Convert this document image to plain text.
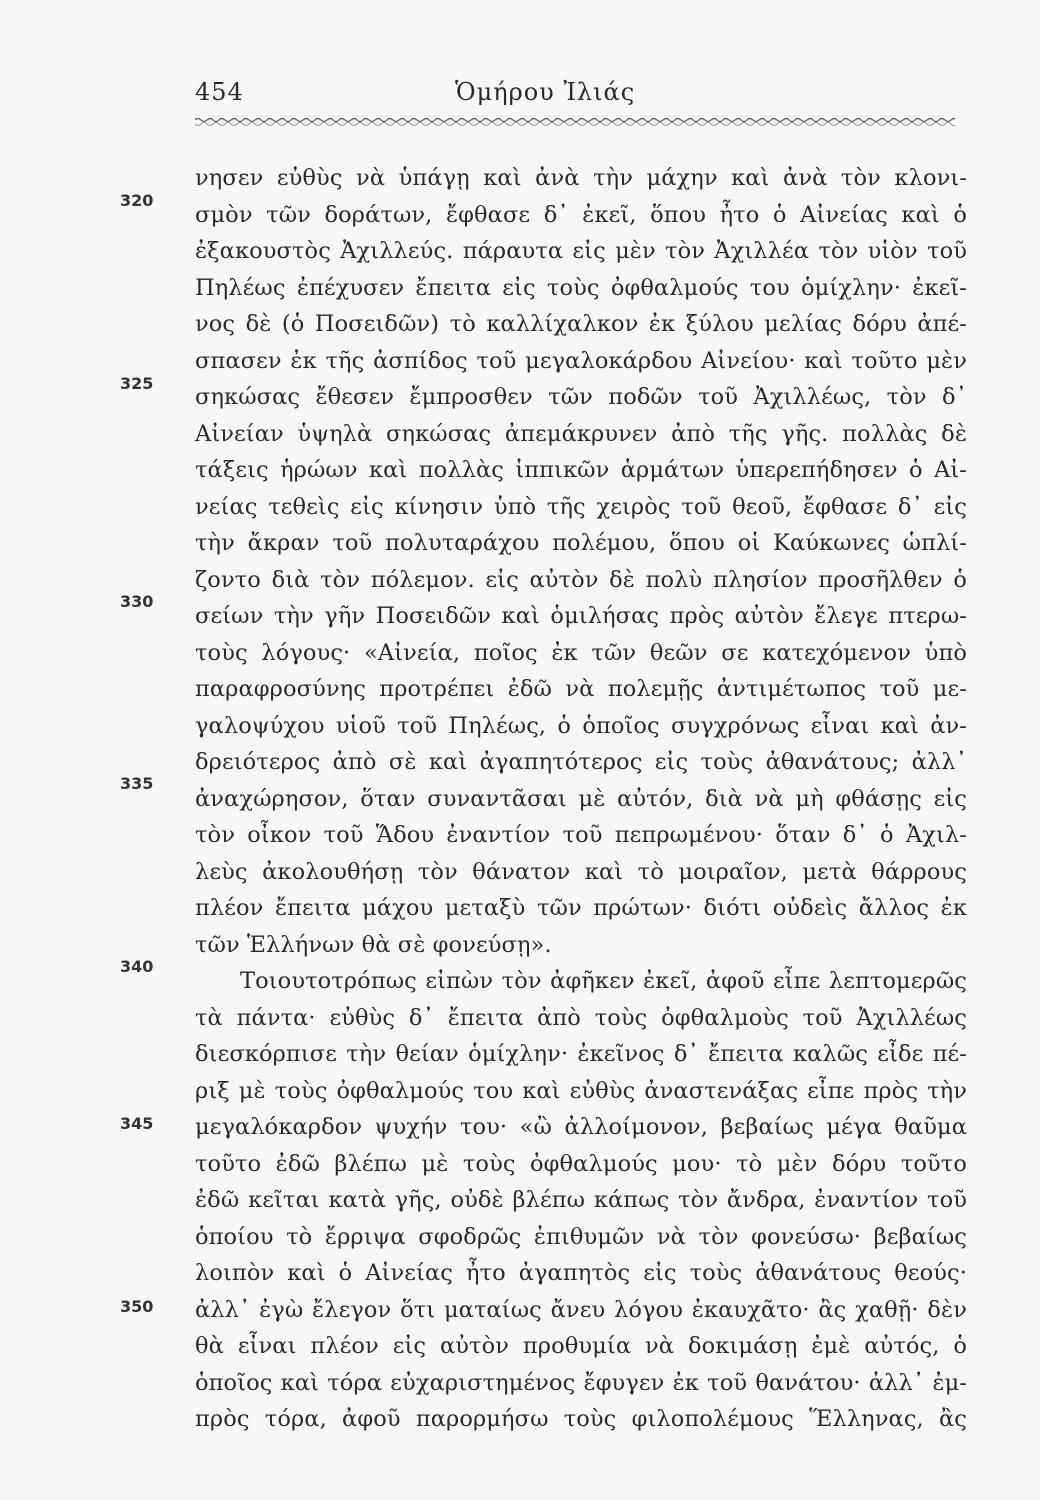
454	Ὁμήρου Ἰλιάς
320
325
330
335
340
345
350
νησεν εὐθὺς νὰ ὑπάγῃ καὶ ἀνὰ τὴν μάχην καὶ ἀνὰ τὸν κλονι-
σμὸν τῶν δοράτων, ἔφθασε δ᾽ ἐκεῖ, ὅπου ἦτο ὁ Αἰνείας καὶ ὁ
ἐξακουστὸς Ἀχιλλεύς. πάραυτα εἰς μὲν τὸν Ἀχιλλέα τὸν υἱὸν τοῦ
Πηλέως ἐπέχυσεν ἔπειτα εἰς τοὺς ὀφθαλμούς του ὁμίχλην· ἐκεῖ-
νος δὲ (ὁ Ποσειδῶν) τὸ καλλίχαλκον ἐκ ξύλου μελίας δόρυ ἀπέ-
σπασεν ἐκ τῆς ἀσπίδος τοῦ μεγαλοκάρδου Αἰνείου· καὶ τοῦτο μὲν
σηκώσας ἔθεσεν ἔμπροσθεν τῶν ποδῶν τοῦ Ἀχιλλέως, τὸν δ᾽
Αἰνείαν ὑψηλὰ σηκώσας ἀπεμάκρυνεν ἀπὸ τῆς γῆς. πολλὰς δὲ
τάξεις ἡρώων καὶ πολλὰς ἱππικῶν ἁρμάτων ὑπερεπήδησεν ὁ Αἰ-
νείας τεθεὶς εἰς κίνησιν ὑπὸ τῆς χειρὸς τοῦ θεοῦ, ἔφθασε δ᾽ εἰς
τὴν ἄκραν τοῦ πολυταράχου πολέμου, ὅπου οἱ Καύκωνες ὡπλί-
ζοντο διὰ τὸν πόλεμον. εἰς αὐτὸν δὲ πολὺ πλησίον προσῆλθεν ὁ
σείων τὴν γῆν Ποσειδῶν καὶ ὁμιλήσας πρὸς αὐτὸν ἔλεγε πτερω-
τοὺς λόγους· «Αἰνεία, ποῖος ἐκ τῶν θεῶν σε κατεχόμενον ὑπὸ
παραφροσύνης προτρέπει ἐδῶ νὰ πολεμῇς ἀντιμέτωπος τοῦ με-
γαλοψύχου υἱοῦ τοῦ Πηλέως, ὁ ὁποῖος συγχρόνως εἶναι καὶ ἀν-
δρειότερος ἀπὸ σὲ καὶ ἀγαπητότερος εἰς τοὺς ἀθανάτους; ἀλλ᾽
ἀναχώρησον, ὅταν συναντᾶσαι μὲ αὐτόν, διὰ νὰ μὴ φθάσῃς εἰς
τὸν οἶκον τοῦ Ἅδου ἐναντίον τοῦ πεπρωμένου· ὅταν δ᾽ ὁ Ἀχιλ-
λεὺς ἀκολουθήσῃ τὸν θάνατον καὶ τὸ μοιραῖον, μετὰ θάρρους
πλέον ἔπειτα μάχου μεταξὺ τῶν πρώτων· διότι οὐδεὶς ἄλλος ἐκ
τῶν Ἑλλήνων θὰ σὲ φονεύσῃ».
Τοιουτοτρόπως εἰπὼν τὸν ἀφῆκεν ἐκεῖ, ἀφοῦ εἶπε λεπτομερῶς
τὰ πάντα· εὐθὺς δ᾽ ἔπειτα ἀπὸ τοὺς ὀφθαλμοὺς τοῦ Ἀχιλλέως
διεσκόρπισε τὴν θείαν ὁμίχλην· ἐκεῖνος δ᾽ ἔπειτα καλῶς εἶδε πέ-
ριξ μὲ τοὺς ὀφθαλμούς του καὶ εὐθὺς ἀναστενάξας εἶπε πρὸς τὴν
μεγαλόκαρδον ψυχήν του· «ὢ ἀλλοίμονον, βεβαίως μέγα θαῦμα
τοῦτο ἐδῶ βλέπω μὲ τοὺς ὀφθαλμούς μου· τὸ μὲν δόρυ τοῦτο
ἐδῶ κεῖται κατὰ γῆς, οὐδὲ βλέπω κάπως τὸν ἄνδρα, ἐναντίον τοῦ
ὁποίου τὸ ἔρριψα σφοδρῶς ἐπιθυμῶν νὰ τὸν φονεύσω· βεβαίως
λοιπὸν καὶ ὁ Αἰνείας ἦτο ἀγαπητὸς εἰς τοὺς ἀθανάτους θεούς·
ἀλλ᾽ ἐγὼ ἔλεγον ὅτι ματαίως ἄνευ λόγου ἐκαυχᾶτο· ἂς χαθῇ· δὲν
θὰ εἶναι πλέον εἰς αὐτὸν προθυμία νὰ δοκιμάσῃ ἐμὲ αὐτός, ὁ
ὁποῖος καὶ τόρα εὐχαριστημένος ἔφυγεν ἐκ τοῦ θανάτου· ἀλλ᾽ ἐμ-
πρὸς τόρα, ἀφοῦ παρορμήσω τοὺς φιλοπολέμους Ἕλληνας, ἂς
